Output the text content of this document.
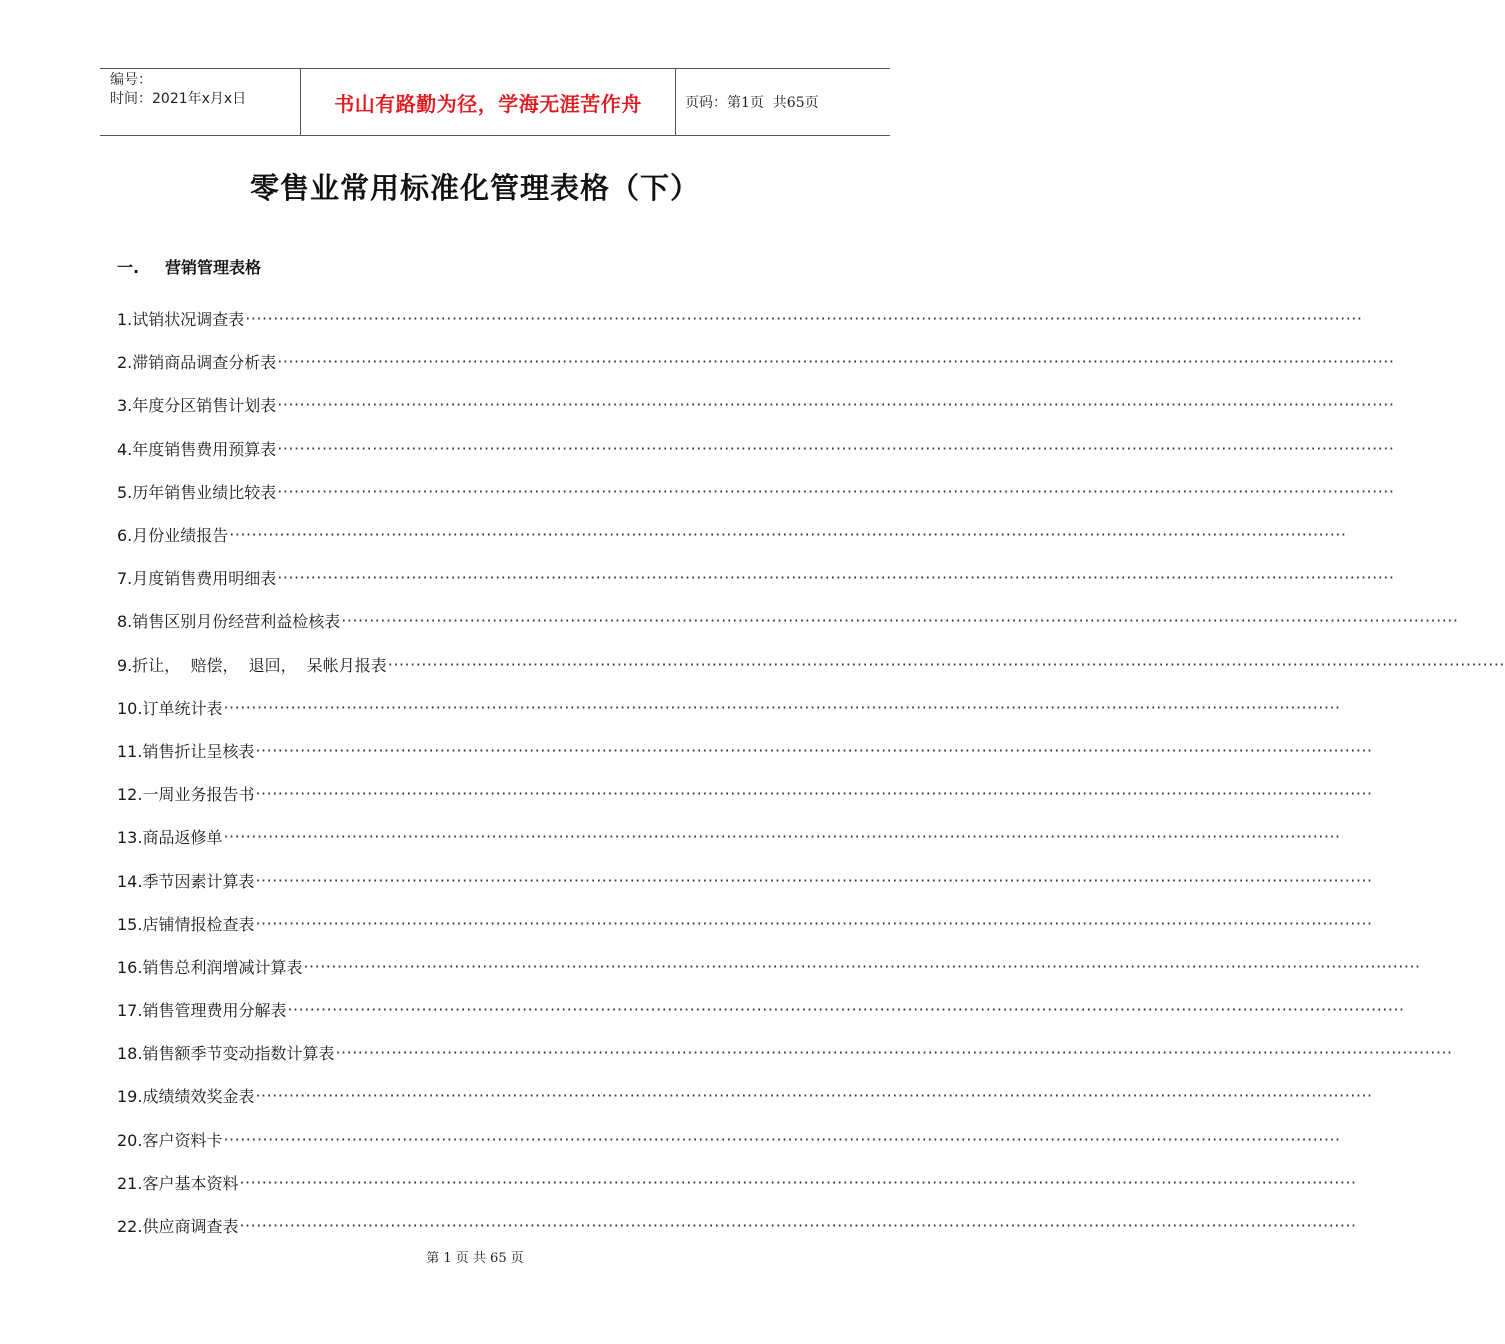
编号：
时间：2021年x月x日	书山有路勤为径，学海无涯苦作舟	页码：第1页  共65页
零售业常用标准化管理表格（下）
一. 营销管理表格
1.试销状况调查表 ········································································································································································································
2.滞销商品调查分析表 ········································································································································································································
3.年度分区销售计划表 ········································································································································································································
4.年度销售费用预算表 ········································································································································································································
5.历年销售业绩比较表 ········································································································································································································
6.月份业绩报告 ········································································································································································································
7.月度销售费用明细表 ········································································································································································································
8.销售区别月份经营利益检核表 ········································································································································································································
9.折让，  赔偿，  退回，  呆帐月报表 ········································································································································································································
10.订单统计表 ········································································································································································································
11.销售折让呈核表 ········································································································································································································
12.一周业务报告书 ········································································································································································································
13.商品返修单 ········································································································································································································
14.季节因素计算表 ········································································································································································································
15.店铺情报检查表 ········································································································································································································
16.销售总利润增减计算表 ········································································································································································································
17.销售管理费用分解表 ········································································································································································································
18.销售额季节变动指数计算表 ········································································································································································································
19.成绩绩效奖金表 ········································································································································································································
20.客户资料卡 ········································································································································································································
21.客户基本资料 ········································································································································································································
22.供应商调查表 ········································································································································································································
第 1 页 共 65 页
